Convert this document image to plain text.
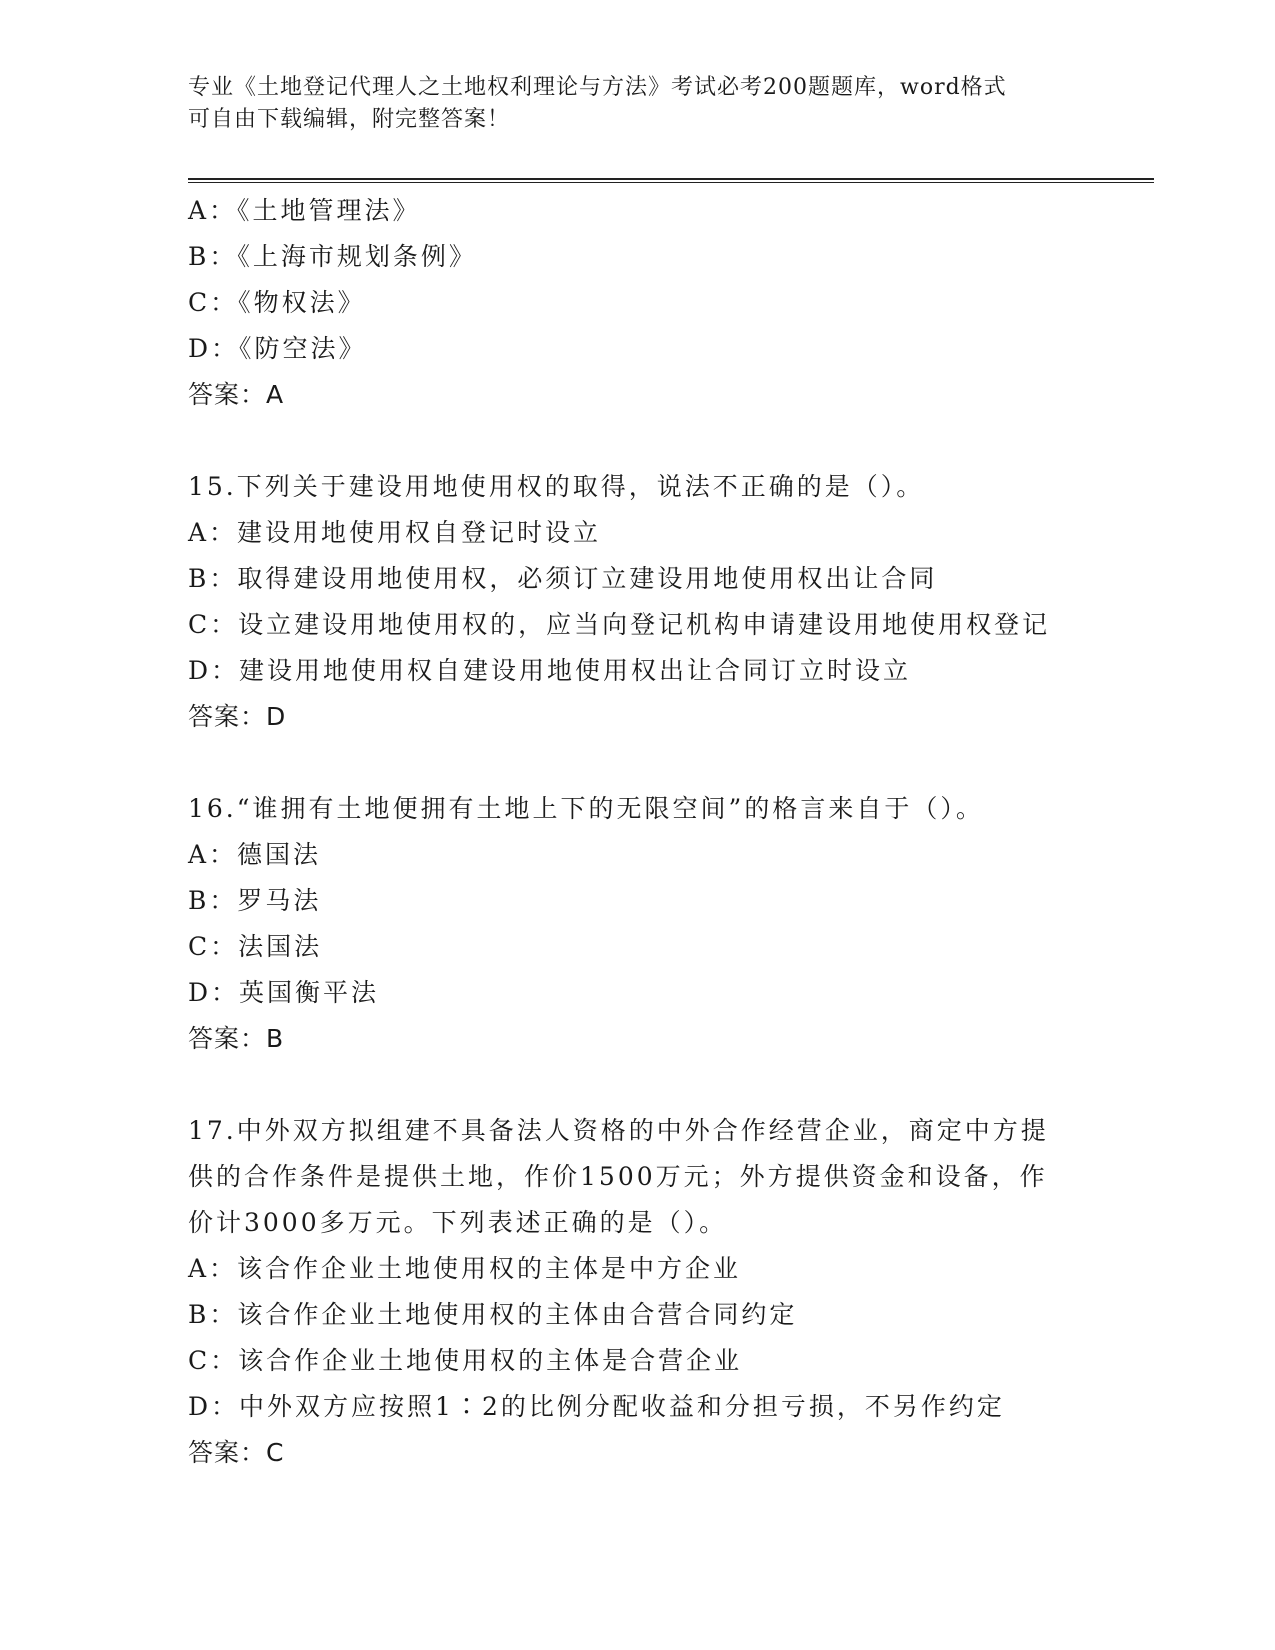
专业《土地登记代理人之土地权利理论与方法》考试必考200题题库，word格式
可自由下载编辑，附完整答案！
A：《土地管理法》
B：《上海市规划条例》
C：《物权法》
D：《防空法》
答案：A
15.下列关于建设用地使用权的取得，说法不正确的是（）。
A：建设用地使用权自登记时设立
B：取得建设用地使用权，必须订立建设用地使用权出让合同
C：设立建设用地使用权的，应当向登记机构申请建设用地使用权登记
D：建设用地使用权自建设用地使用权出让合同订立时设立
答案：D
16.“谁拥有土地便拥有土地上下的无限空间”的格言来自于（）。
A：德国法
B：罗马法
C：法国法
D：英国衡平法
答案：B
17.中外双方拟组建不具备法人资格的中外合作经营企业，商定中方提
供的合作条件是提供土地，作价1500万元；外方提供资金和设备，作
价计3000多万元。下列表述正确的是（）。
A：该合作企业土地使用权的主体是中方企业
B：该合作企业土地使用权的主体由合营合同约定
C：该合作企业土地使用权的主体是合营企业
D：中外双方应按照1∶2的比例分配收益和分担亏损，不另作约定
答案：C
